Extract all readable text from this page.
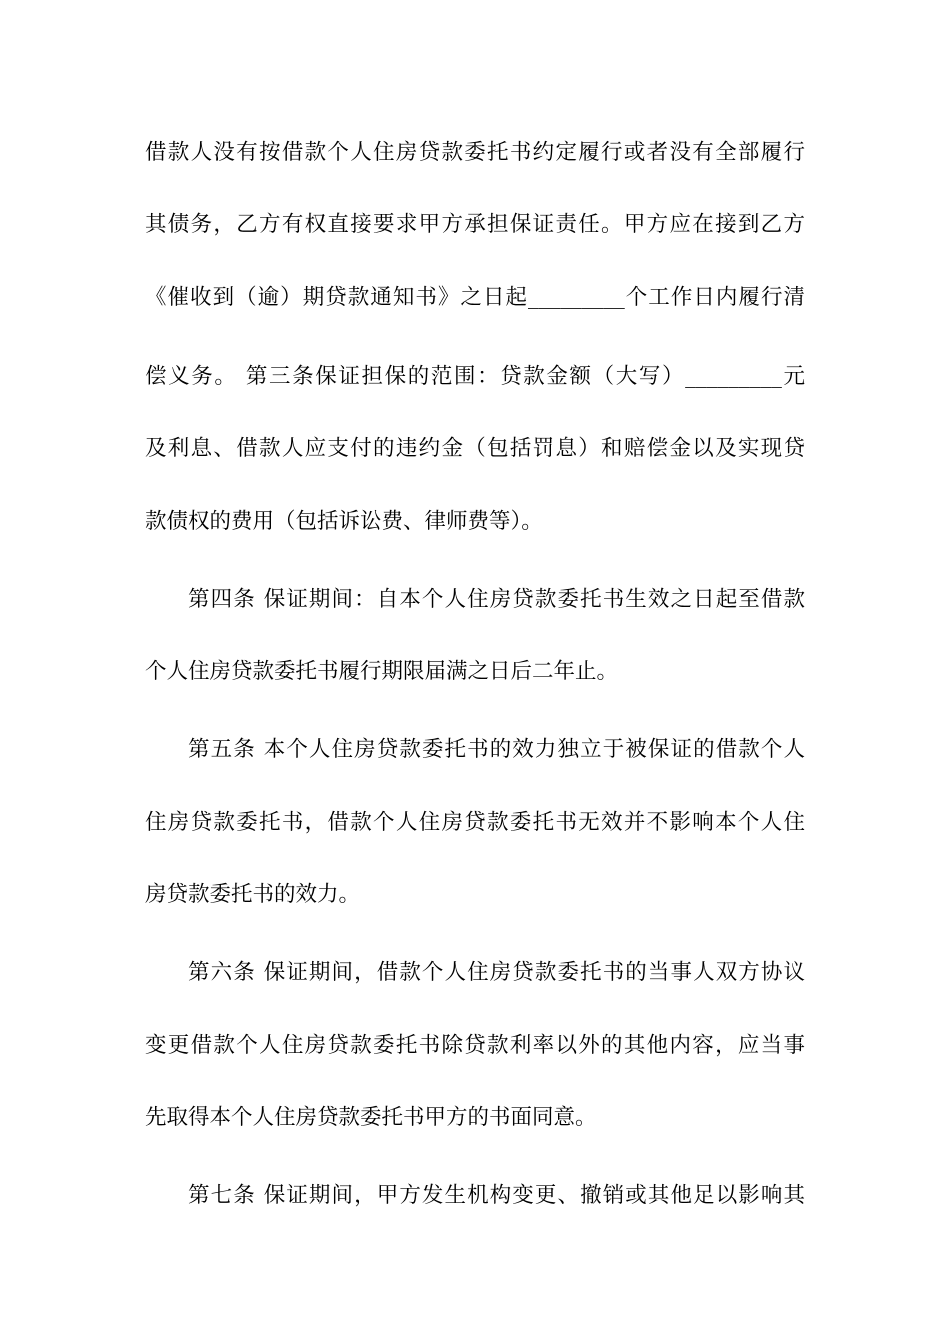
借款人没有按借款个人住房贷款委托书约定履行或者没有全部履行
其债务，乙方有权直接要求甲方承担保证责任。甲方应在接到乙方
《催收到（逾）期贷款通知书》之日起_________个工作日内履行清
偿义务。 第三条保证担保的范围：贷款金额（大写）_________元
及利息、借款人应支付的违约金（包括罚息）和赔偿金以及实现贷
款债权的费用（包括诉讼费、律师费等）。
第四条 保证期间：自本个人住房贷款委托书生效之日起至借款
个人住房贷款委托书履行期限届满之日后二年止。
第五条 本个人住房贷款委托书的效力独立于被保证的借款个人
住房贷款委托书，借款个人住房贷款委托书无效并不影响本个人住
房贷款委托书的效力。
第六条 保证期间，借款个人住房贷款委托书的当事人双方协议
变更借款个人住房贷款委托书除贷款利率以外的其他内容，应当事
先取得本个人住房贷款委托书甲方的书面同意。
第七条 保证期间，甲方发生机构变更、撤销或其他足以影响其
